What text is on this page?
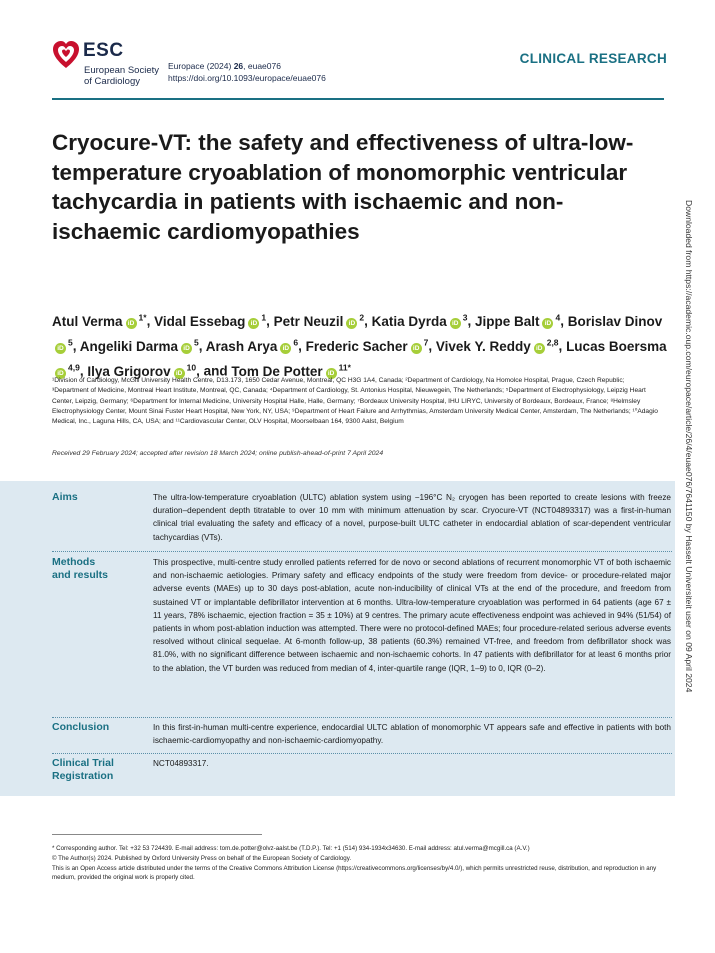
ESC
European Society
of Cardiology
Europace (2024) 26, euae076
https://doi.org/10.1093/europace/euae076
CLINICAL RESEARCH
Cryocure-VT: the safety and effectiveness of ultra-low-temperature cryoablation of monomorphic ventricular tachycardia in patients with ischaemic and non-ischaemic cardiomyopathies
Atul Verma $iD^{1*}$, Vidal Essebag $iD^1$, Petr Neuzil $iD^2$, Katia Dyrda $iD^3$, Jippe Balt $iD^4$, Borislav DinoviD$^5$, Angeliki Darma $iD^5$, Arash Arya $iD^6$, Frederic Sacher $iD^7$, Vivek Y. Reddy iD$^{2,8}$, Lucas BoersmaiD$^{4,9}$, Ilya Grigorov $iD^{10}$, and Tom De Potter $iD^{11*}$
¹Division of Cardiology, McGill University Health Centre, D13.173, 1650 Cedar Avenue, Montreal, QC H3G 1A4, Canada; ²Department of Cardiology, Na Homolce Hospital, Prague, Czech Republic; ³Department of Medicine, Montreal Heart Institute, Montreal, QC, Canada; ⁴Department of Cardiology, St. Antonius Hospital, Nieuwegein, The Netherlands; ⁵Department of Electrophysiology, Leipzig Heart Center, Leipzig, Germany; ⁶Department for Internal Medicine, University Hospital Halle, Halle, Germany; ⁷Bordeaux University Hospital, IHU LIRYC, University of Bordeaux, Bordeaux, France; ⁸Helmsley Electrophysiology Center, Mount Sinai Fuster Heart Hospital, New York, NY, USA; ⁹Department of Heart Failure and Arrhythmias, Amsterdam University Medical Center, Amsterdam, The Netherlands; ¹⁰Adagio Medical, Inc., Laguna Hills, CA, USA; and ¹¹Cardiovascular Center, OLV Hospital, Moorselbaan 164, 9300 Aalst, Belgium
Received 29 February 2024; accepted after revision 18 March 2024; online publish-ahead-of-print 7 April 2024
Aims	The ultra-low-temperature cryoablation (ULTC) ablation system using −196°C N₂ cryogen has been reported to create lesions with freeze duration–dependent depth titratable to over 10 mm with minimum attenuation by scar. Cryocure-VT (NCT04893317) was a first-in-human clinical trial evaluating the safety and efficacy of a novel, purpose-built ULTC catheter in endocardial ablation of scar-dependent ventricular tachycardias (VTs).
Methods
and results
This prospective, multi-centre study enrolled patients referred for de novo or second ablations of recurrent monomorphic VT of both ischaemic and non-ischaemic aetiologies. Primary safety and efficacy endpoints of the study were freedom from device- or procedure-related major adverse events (MAEs) up to 30 days post-ablation, acute non-inducibility of clinical VTs at the end of the procedure, and freedom from sustained VT or implantable defibrillator intervention at 6 months. Ultra-low-temperature cryoablation was performed in 64 patients (age 67 ± 11 years, 78% ischaemic, ejection fraction = 35 ± 10%) at 9 centres. The primary acute effectiveness endpoint was achieved in 94% (51/54) of patients in whom post-ablation induction was attempted. There were no protocol-defined MAEs; four procedure-related serious adverse events resolved without clinical sequelae. At 6-month follow-up, 38 patients (60.3%) remained VT-free, and freedom from defibrillator shock was 81.0%, with no significant difference between ischaemic and non-ischaemic cohorts. In 47 patients with defibrillator for at least 6 months prior to the ablation, the VT burden was reduced from median of 4, inter-quartile range (IQR, 1–9) to 0, IQR (0–2).
Conclusion	In this first-in-human multi-centre experience, endocardial ULTC ablation of monomorphic VT appears safe and effective in patients with both ischaemic-cardiomyopathy and non-ischaemic-cardiomyopathy.
Clinical Trial
Registration
NCT04893317.
* Corresponding author. Tel: +32 53 724439. E-mail address: tom.de.potter@olvz-aalst.be (T.D.P.). Tel: +1 (514) 934-1934x34630. E-mail address: atul.verma@mcgill.ca (A.V.)
© The Author(s) 2024. Published by Oxford University Press on behalf of the European Society of Cardiology.
This is an Open Access article distributed under the terms of the Creative Commons Attribution License (https://creativecommons.org/licenses/by/4.0/), which permits unrestricted reuse, distribution, and reproduction in any medium, provided the original work is properly cited.
Downloaded from https://academic.oup.com/europace/article/26/4/euae076/7641150 by Hasselt Universiteit user on 09 April 2024
